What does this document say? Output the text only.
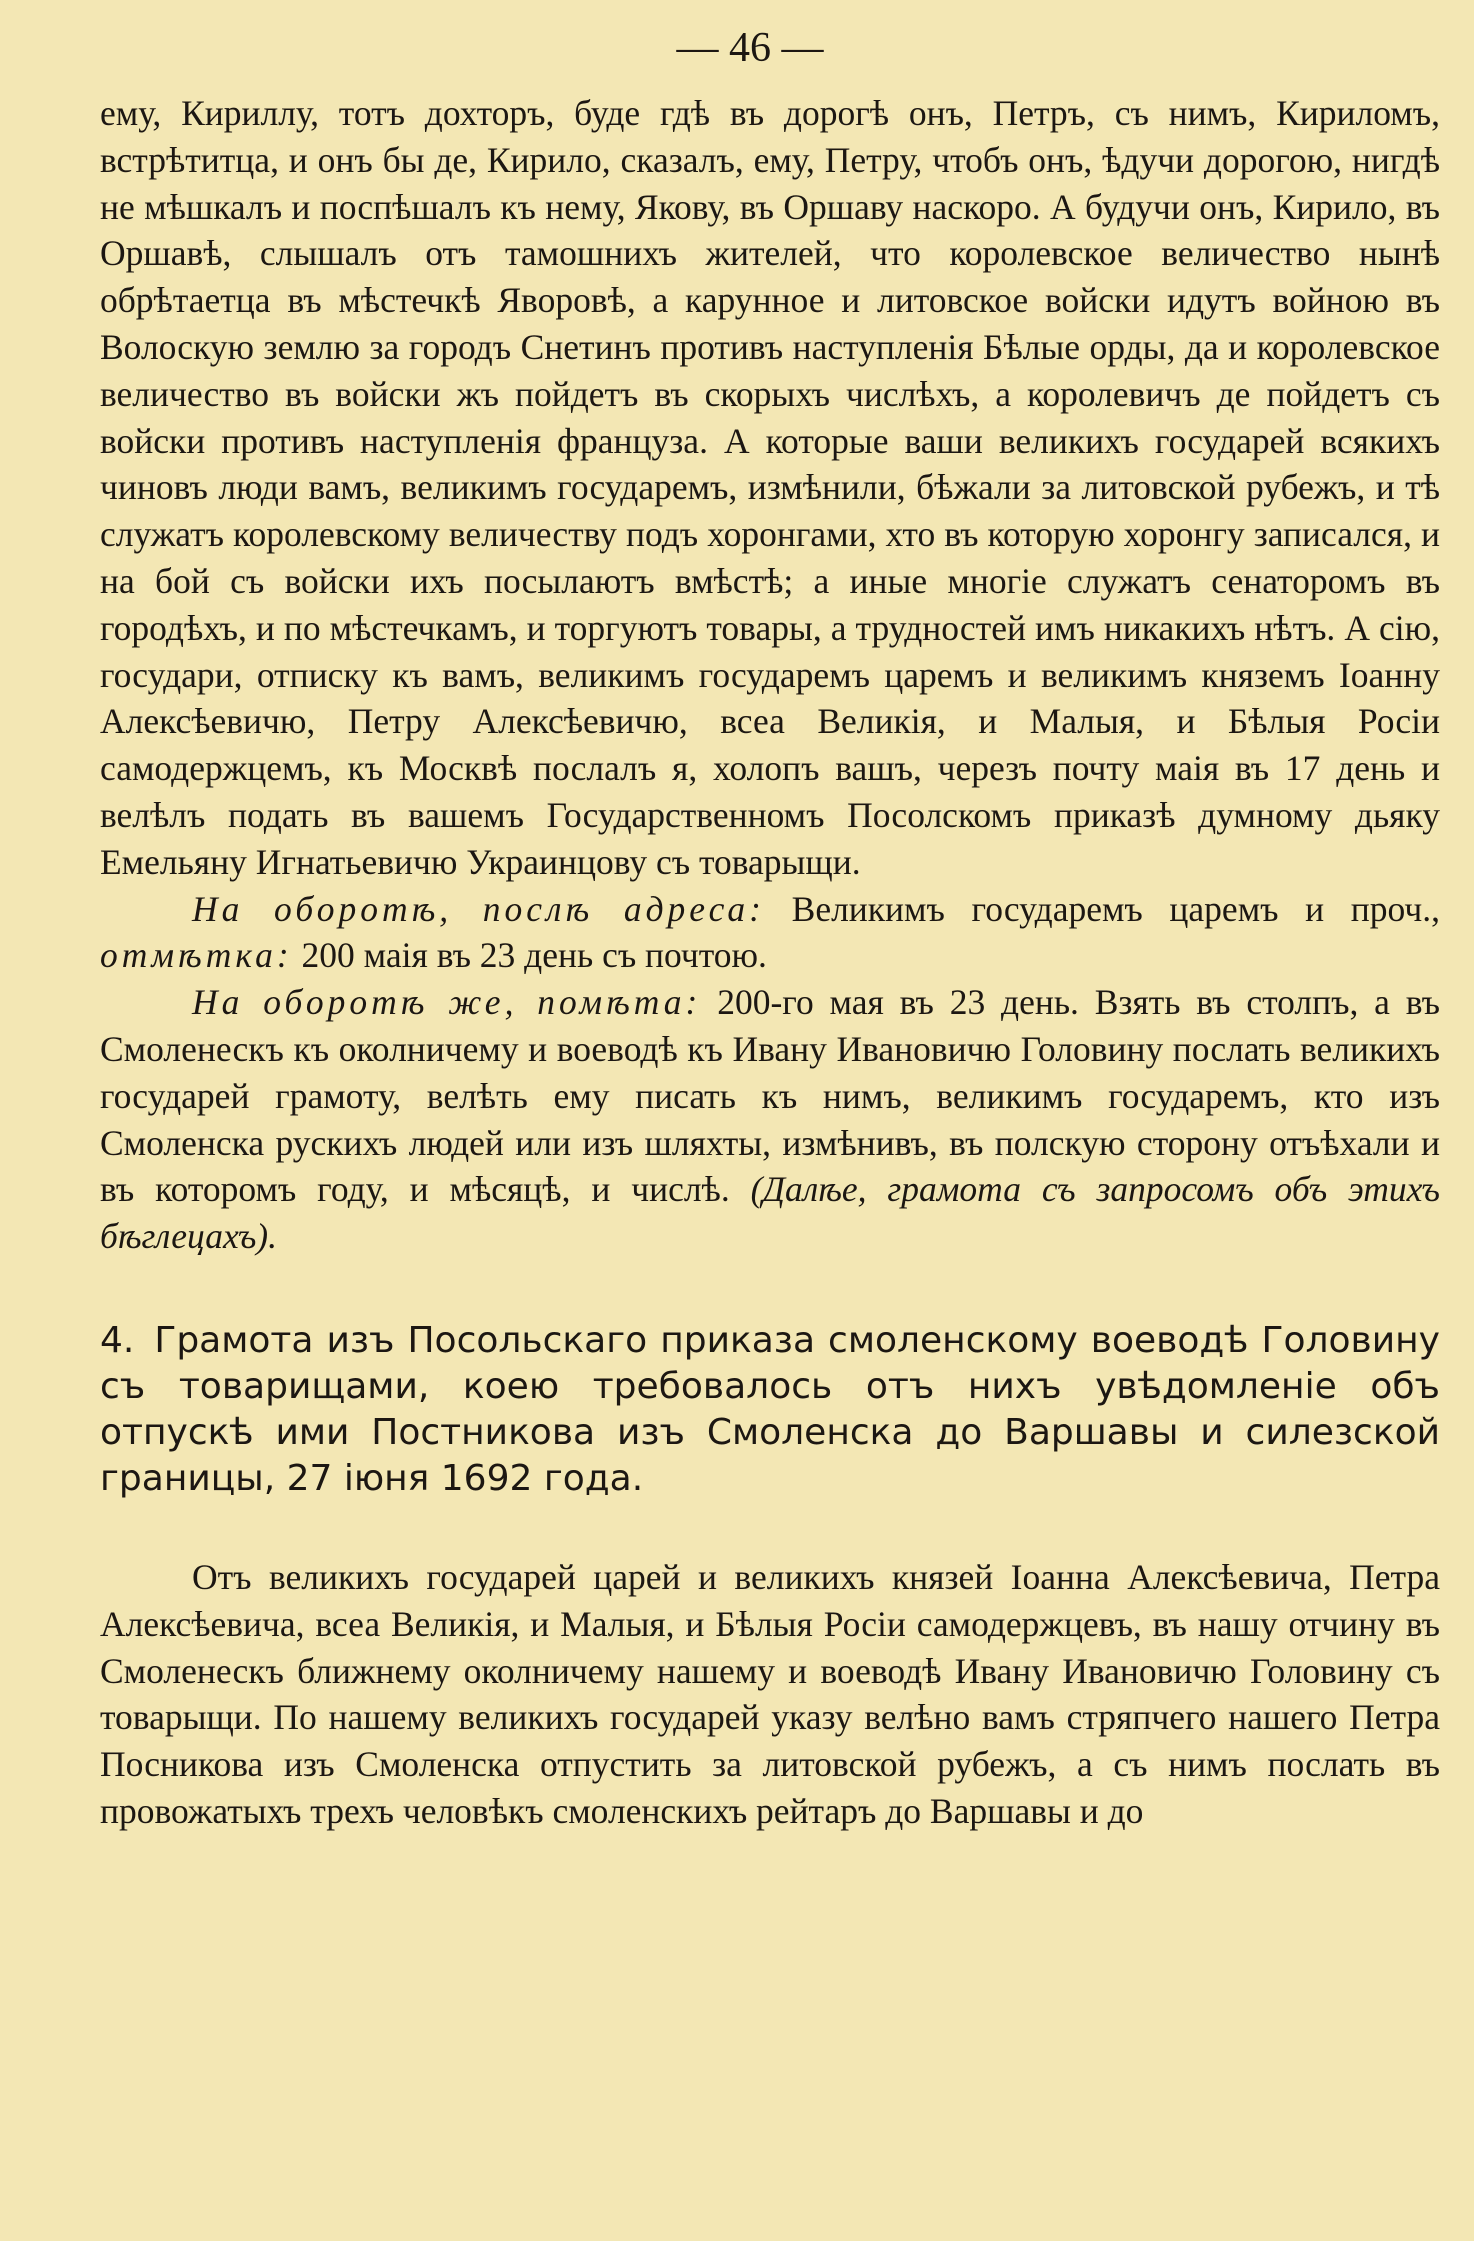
— 46 —

ему, Кириллу, тотъ дохторъ, буде гдѣ въ дорогѣ онъ, Петръ, съ нимъ, Кириломъ, встрѣтитца, и онъ бы де, Кирило, сказалъ, ему, Петру, чтобъ онъ, ѣдучи дорогою, нигдѣ не мѣшкалъ и поспѣшалъ къ нему, Якову, въ Оршаву наскоро. А будучи онъ, Кирило, въ Оршавѣ, слышалъ отъ тамошнихъ жителей, что королевское величество нынѣ обрѣтаетца въ мѣстечкѣ Яворовѣ, а карунное и литовское войски идутъ войною въ Волоскую землю за городъ Снетинъ противъ наступленія Бѣлые орды, да и королевское величество въ войски жъ пойдетъ въ скорыхъ числѣхъ, а королевичъ де пойдетъ съ войски противъ наступленія француза. А которые ваши великихъ государей всякихъ чиновъ люди вамъ, великимъ государемъ, измѣнили, бѣжали за литовской рубежъ, и тѣ служатъ королевскому величеству подъ хоронгами, хто въ которую хоронгу записался, и на бой съ войски ихъ посылаютъ вмѣстѣ; а иные многіе служатъ сенаторомъ въ городѣхъ, и по мѣстечкамъ, и торгуютъ товары, а трудностей имъ никакихъ нѣтъ. А сію, государи, отписку къ вамъ, великимъ государемъ царемъ и великимъ княземъ Іоанну Алексѣевичю, Петру Алексѣевичю, всеа Великія, и Малыя, и Бѣлыя Росіи самодержцемъ, къ Москвѣ послалъ я, холопъ вашъ, черезъ почту маія въ 17 день и велѣлъ подать въ вашемъ Государственномъ Посолскомъ приказѣ думному дьяку Емельяну Игнатьевичю Украинцову съ товарыщи.

На оборотѣ, послѣ адреса: Великимъ государемъ царемъ и проч., отмѣтка: 200 маія въ 23 день съ почтою.

На оборотѣ же, помѣта: 200-го мая въ 23 день. Взять въ столпъ, а въ Смоленескъ къ околничему и воеводѣ къ Ивану Ивановичю Головину послать великихъ государей грамоту, велѣть ему писать къ нимъ, великимъ государемъ, кто изъ Смоленска рускихъ людей или изъ шляхты, измѣнивъ, въ полскую сторону отъѣхали и въ которомъ году, и мѣсяцѣ, и числѣ. (Далѣе, грамота съ запросомъ объ этихъ бѣглецахъ).

4. Грамота изъ Посольскаго приказа смоленскому воеводѣ Головину съ товарищами, коею требовалось отъ нихъ увѣдомленіе объ отпускѣ ими Постникова изъ Смоленска до Варшавы и силезской границы, 27 іюня 1692 года.

Отъ великихъ государей царей и великихъ князей Іоанна Алексѣевича, Петра Алексѣевича, всеа Великія, и Малыя, и Бѣлыя Росіи самодержцевъ, въ нашу отчину въ Смоленескъ ближнему околничему нашему и воеводѣ Ивану Ивановичю Головину съ товарыщи. По нашему великихъ государей указу велѣно вамъ стряпчего нашего Петра Посникова изъ Смоленска отпустить за литовской рубежъ, а съ нимъ послать въ провожатыхъ трехъ человѣкъ смоленскихъ рейтаръ до Варшавы и до
